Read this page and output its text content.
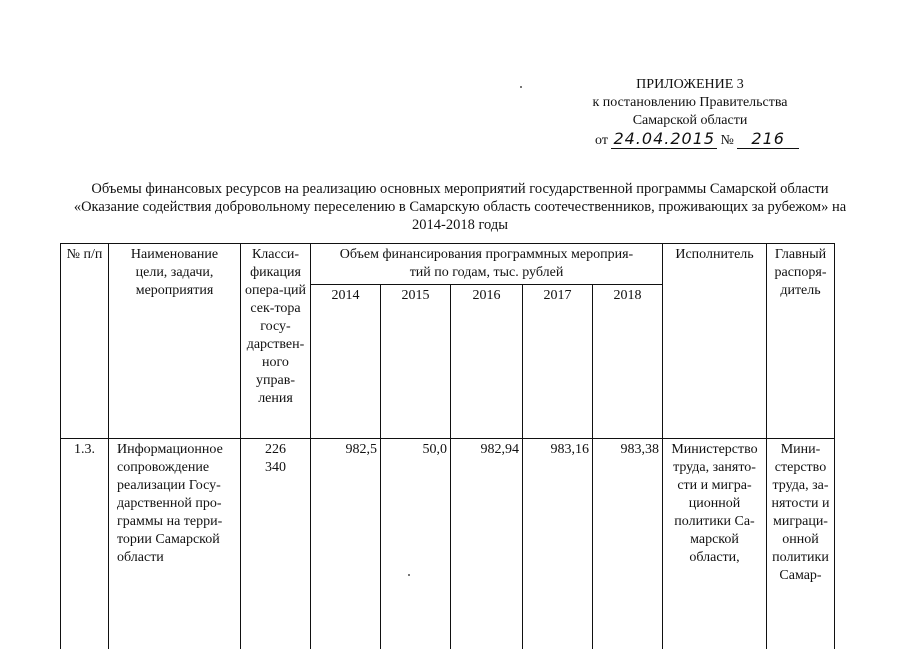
ПРИЛОЖЕНИЕ 3
к постановлению Правительства
Самарской области
от 24.04.2015 № 216
Объемы финансовых ресурсов на реализацию основных мероприятий государственной программы Самарской области «Оказание содействия добровольному переселению в Самарскую область соотечественников, проживающих за рубежом» на 2014-2018 годы
№ п/п	Наименование цели, задачи, мероприятия	Класси-фикация опера-ций сек-тора госу-дарствен-ного управ-ления	Объем финансирования программных мероприя-тий по годам, тыс. рублей					Исполнитель	Главный распоря-дитель
			2014	2015	2016	2017	2018		
1.3.	Информационное сопровождение реализации Госу-дарственной про-граммы на терри-тории Самарской области	226 340	982,5	50,0	982,94	983,16	983,38	Министерство труда, занято-сти и мигра-ционной политики Са-марской области,	Мини-стерство труда, за-нятости и миграци-онной политики Самар-
